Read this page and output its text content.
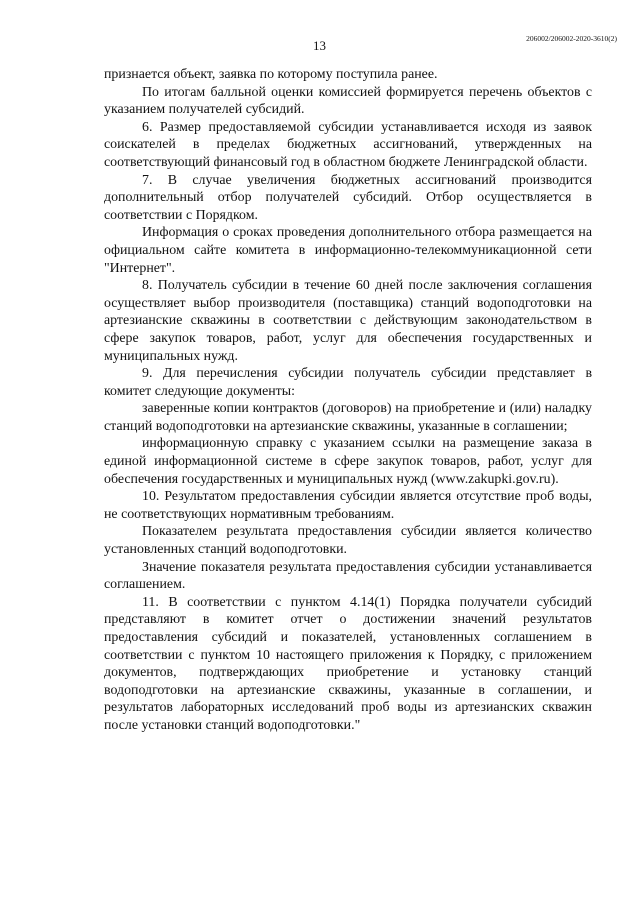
13	206002/206002-2020-3610(2)

признается объект, заявка по которому поступила ранее.

По итогам балльной оценки комиссией формируется перечень объектов с указанием получателей субсидий.

6. Размер предоставляемой субсидии устанавливается исходя из заявок соискателей в пределах бюджетных ассигнований, утвержденных на соответствующий финансовый год в областном бюджете Ленинградской области.

7. В случае увеличения бюджетных ассигнований производится дополнительный отбор получателей субсидий. Отбор осуществляется в соответствии с Порядком.

Информация о сроках проведения дополнительного отбора размещается на официальном сайте комитета в информационно-телекоммуникационной сети "Интернет".

8. Получатель субсидии в течение 60 дней после заключения соглашения осуществляет выбор производителя (поставщика) станций водоподготовки на артезианские скважины в соответствии с действующим законодательством в сфере закупок товаров, работ, услуг для обеспечения государственных и муниципальных нужд.

9. Для перечисления субсидии получатель субсидии представляет в комитет следующие документы:

заверенные копии контрактов (договоров) на приобретение и (или) наладку станций водоподготовки на артезианские скважины, указанные в соглашении;

информационную справку с указанием ссылки на размещение заказа в единой информационной системе в сфере закупок товаров, работ, услуг для обеспечения государственных и муниципальных нужд (www.zakupki.gov.ru).

10. Результатом предоставления субсидии является отсутствие проб воды, не соответствующих нормативным требованиям.

Показателем результата предоставления субсидии является количество установленных станций водоподготовки.

Значение показателя результата предоставления субсидии устанавливается соглашением.

11. В соответствии с пунктом 4.14(1) Порядка получатели субсидий представляют в комитет отчет о достижении значений результатов предоставления субсидий и показателей, установленных соглашением в соответствии с пунктом 10 настоящего приложения к Порядку, с приложением документов, подтверждающих приобретение и установку станций водоподготовки на артезианские скважины, указанные в соглашении, и результатов лабораторных исследований проб воды из артезианских скважин после установки станций водоподготовки."
